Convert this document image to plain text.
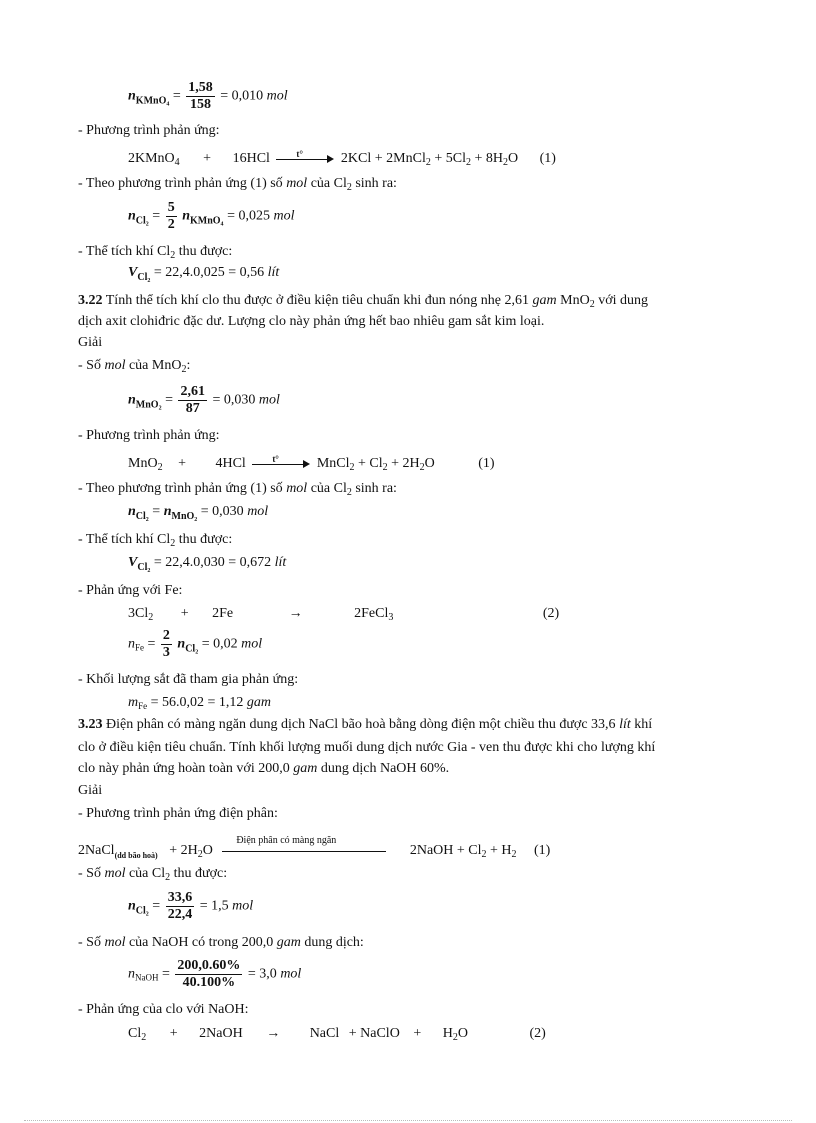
$n_{KMnO_4} = \frac{1,58}{158} = 0,010$ mol
- Phương trình phản ứng:
2KMnO$_4$ + 16HCl	t°	2KCl + 2MnCl$_2$ + $5Cl_2 + 8H_2O$ (1)
- Theo phương trình phản ứng (1) số mol của $Cl_2$ sinh ra:
$n_{Cl_2} = \frac{5}{2} n_{KMnO_4} = 0,025$ mol
- Thể tích khí $Cl_2$ thu được:
$V_{Cl_2} = 22,4.0,025 = 0,56$ lít
3.22 Tính thể tích khí clo thu được ở điều kiện tiêu chuẩn khi đun nóng nhẹ 2,61 gam MnO$_2$ với dung
dịch axit clohiđric đặc dư. Lượng clo này phản ứng hết bao nhiêu gam sắt kim loại.
Giải
- Số mol của MnO$_2$:
$n_{MnO_2} = \frac{2,61}{87} = 0,030$ mol
- Phương trình phản ứng:
MnO$_2$ + 4HCl	t°	MnCl$_2$ + $Cl_2 + 2H_2O$	(1)
- Theo phương trình phản ứng (1) số mol của $Cl_2$ sinh ra:
$n_{Cl_2} = n_{MnO_2} = 0,030$ mol
- Thể tích khí $Cl_2$ thu được:
$V_{Cl_2} = 22,4.0,030 = 0,672$ lít
- Phản ứng với Fe:
$3Cl_2 + 2Fe$	→	2FeCl$_3$	(2)
$n_{Fe} = \frac{2}{3} n_{Cl_2} = 0,02$ mol
- Khối lượng sắt đã tham gia phản ứng:
$m_{Fe} = 56.0,02 = 1,12$ gam
3.23 Điện phân có màng ngăn dung dịch NaCl bão hoà bằng dòng điện một chiều thu được 33,6 lít khí
clo ở điều kiện tiêu chuẩn. Tính khối lượng muối dung dịch nước Gia - ven thu được khi cho lượng khí
clo này phản ứng hoàn toàn với 200,0 gam dung dịch NaOH 60%.
Giải
- Phương trình phản ứng điện phân:
2NaCl$_{(dd bão hoà)}$ + $2H_2O$
Điện phân có màng ngăn
2NaOH + $Cl_2 + H_2$ (1)
- Số mol của $Cl_2$ thu được:
$n_{Cl_2} = \frac{33,6}{22,4} = 1,5$ mol
- Số mol của NaOH có trong 200,0 gam dung dịch:
$n_{NaOH} = \frac{200,0.60\%}{40.100\%} = 3,0$ mol
- Phản ứng của clo với NaOH:
$Cl_2$ + 2NaOH → NaCl + NaClO + $H_2O$	(2)
